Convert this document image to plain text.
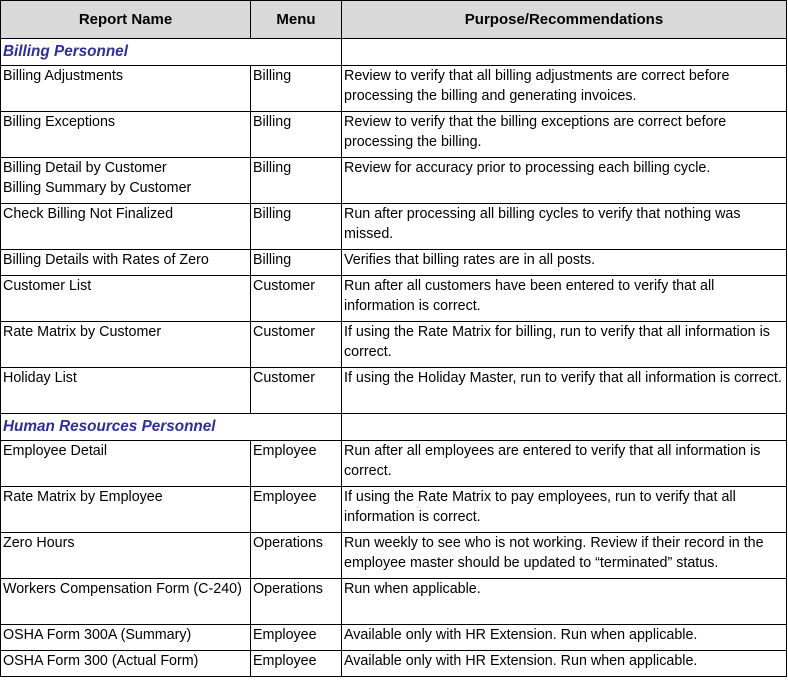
Report Name	Menu	Purpose/Recommendations
Billing Personnel		
Billing Adjustments	Billing	Review to verify that all billing adjustments are correct before processing the billing and generating invoices.
Billing Exceptions	Billing	Review to verify that the billing exceptions are correct before processing the billing.

Billing Detail by Customer
Billing Summary by Customer	Billing	Review for accuracy prior to processing each billing cycle.
Check Billing Not Finalized	Billing	Run after processing all billing cycles to verify that nothing was missed.
Billing Details with Rates of Zero	Billing	Verifies that billing rates are in all posts.
Customer List	Customer	Run after all customers have been entered to verify that all information is correct.
Rate Matrix by Customer	Customer	If using the Rate Matrix for billing, run to verify that all information is correct.
Holiday List	Customer	If using the Holiday Master, run to verify that all information is correct.
Human Resources Personnel		
Employee Detail	Employee	Run after all employees are entered to verify that all information is correct.
Rate Matrix by Employee	Employee	If using the Rate Matrix to pay employees, run to verify that all information is correct.
Zero Hours	Operations	Run weekly to see who is not working. Review if their record in the employee master should be updated to “terminated” status.
Workers Compensation Form (C-240)	Operations	Run when applicable.
OSHA Form 300A (Summary)	Employee	Available only with HR Extension. Run when applicable.
OSHA Form 300 (Actual Form)	Employee	Available only with HR Extension. Run when applicable.
